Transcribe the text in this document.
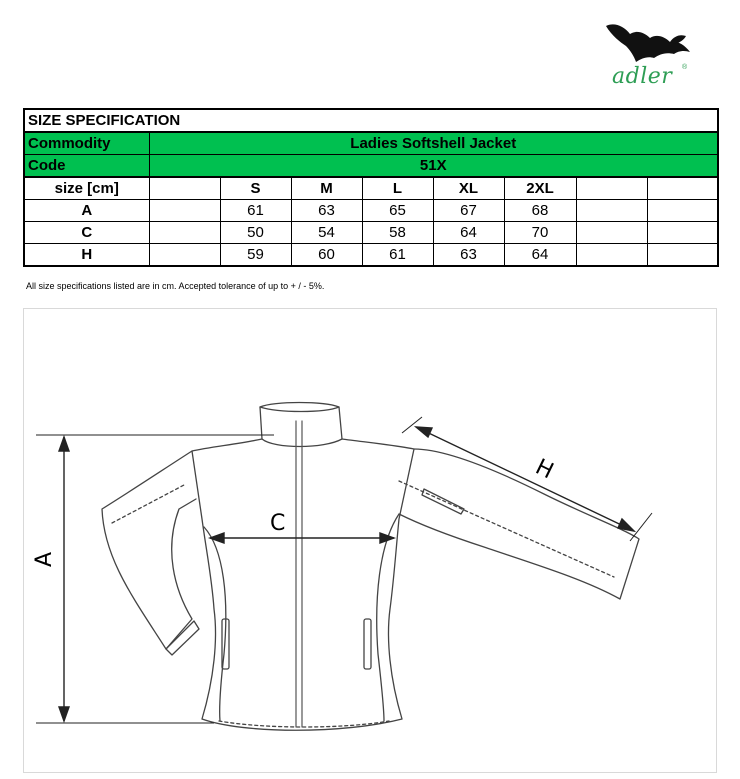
adler ®
SIZE SPECIFICATION								
Commodity	Ladies Softshell Jacket							
Code	51X							
size [cm]		S	M	L	XL	2XL		
A		61	63	65	67	68		
C		50	54	58	64	70		
H		59	60	61	63	64		
All size specifications listed are in cm. Accepted tolerance of up to + / - 5%.
A
C
H
